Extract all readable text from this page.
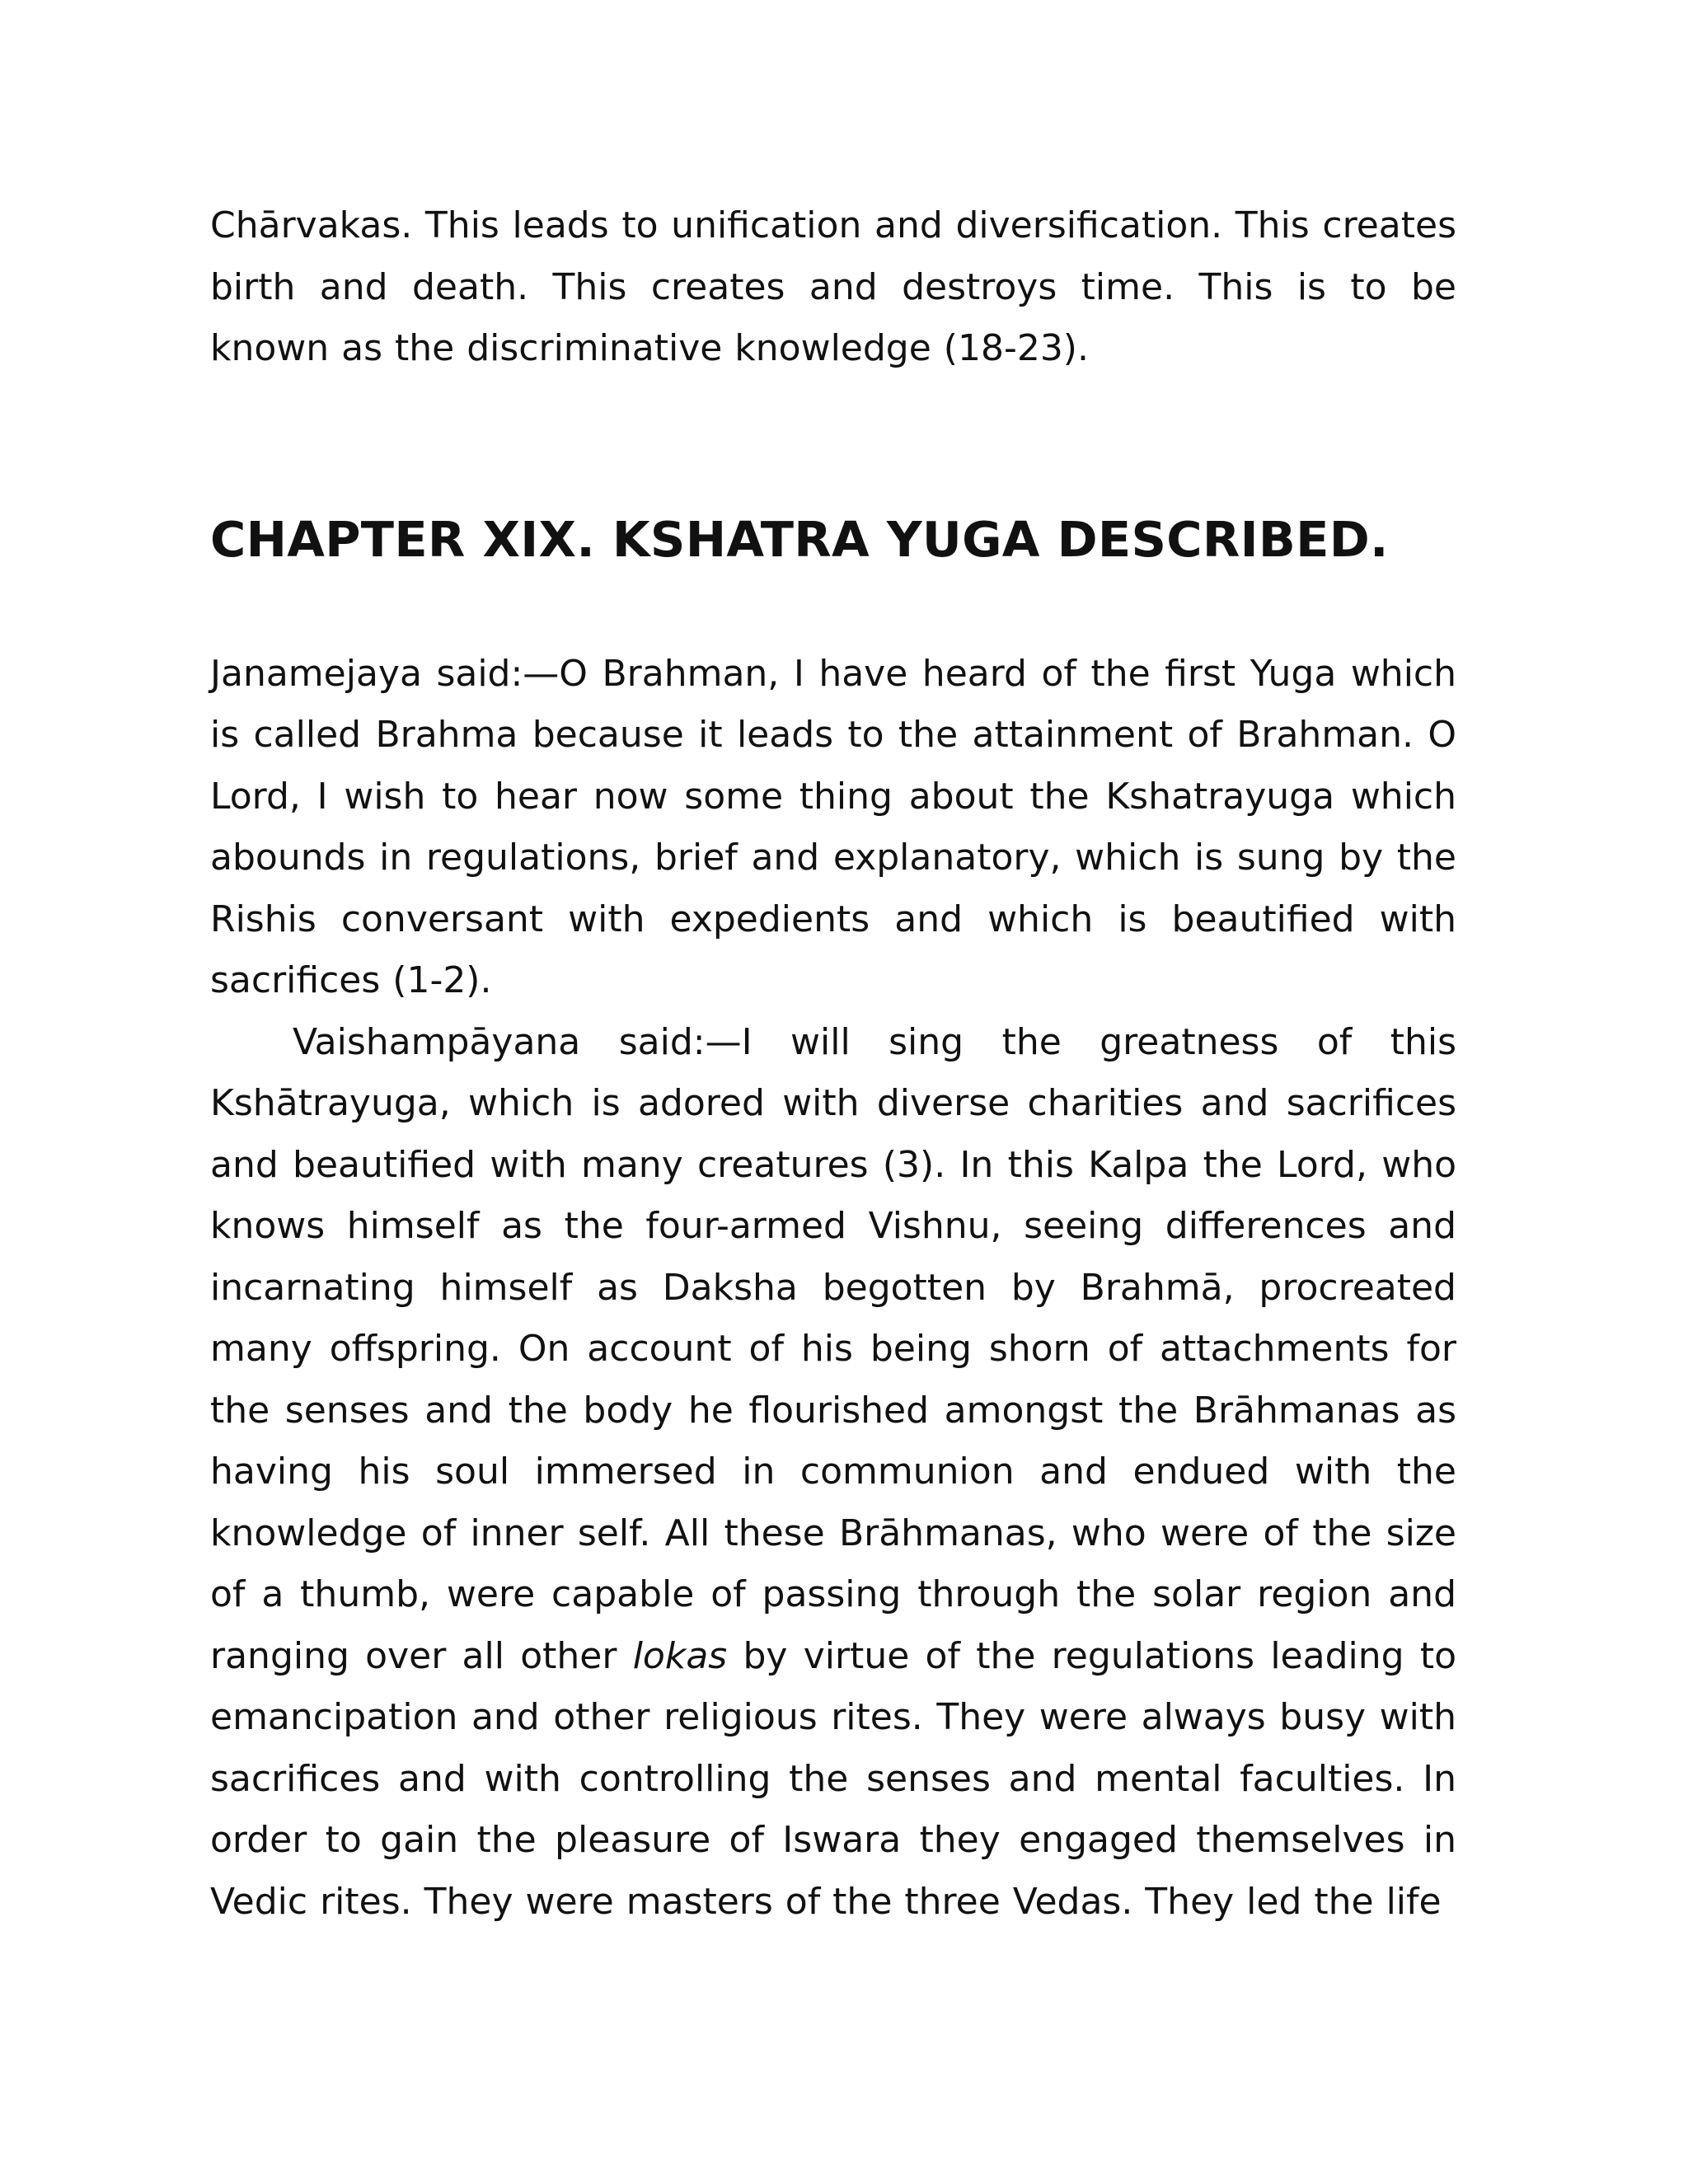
Chārvakas. This leads to unification and diversification. This creates birth and death. This creates and destroys time. This is to be known as the discriminative knowledge (18-23).

CHAPTER XIX. KSHATRA YUGA DESCRIBED.

Janamejaya said:—O Brahman, I have heard of the first Yuga which is called Brahma because it leads to the attainment of Brahman. O Lord, I wish to hear now some thing about the Kshatrayuga which abounds in regulations, brief and explanatory, which is sung by the Rishis conversant with expedients and which is beautified with sacrifices (1-2).

Vaishampāyana said:—I will sing the greatness of this Kshātrayuga, which is adored with diverse charities and sacrifices and beautified with many creatures (3). In this Kalpa the Lord, who knows himself as the four-armed Vishnu, seeing differences and incarnating himself as Daksha begotten by Brahmā, procreated many offspring. On account of his being shorn of attachments for the senses and the body he flourished amongst the Brāhmanas as having his soul immersed in communion and endued with the knowledge of inner self. All these Brāhmanas, who were of the size of a thumb, were capable of passing through the solar region and ranging over all other lokas by virtue of the regulations leading to emancipation and other religious rites. They were always busy with sacrifices and with controlling the senses and mental faculties. In order to gain the pleasure of Iswara they engaged themselves in Vedic rites. They were masters of the three Vedas. They led the life
